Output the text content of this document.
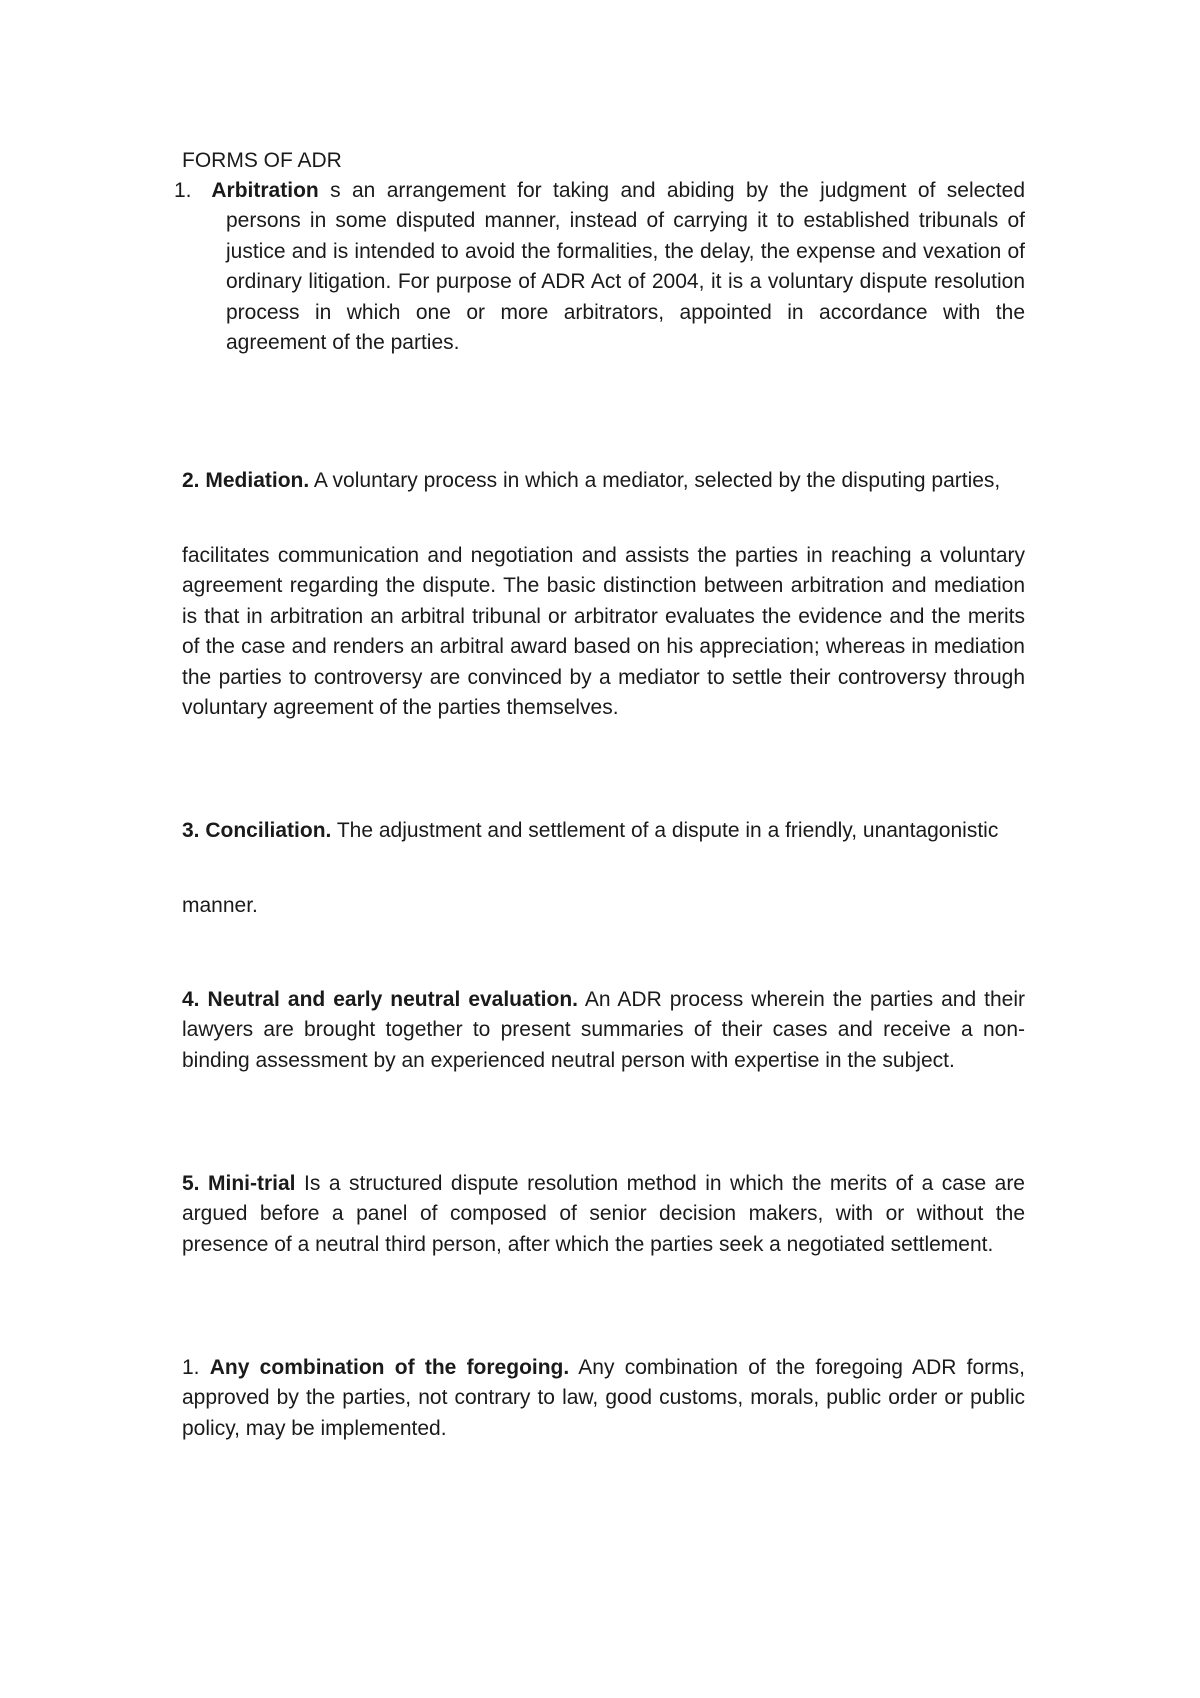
FORMS OF ADR

1. Arbitration s an arrangement for taking and abiding by the judgment of selected persons in some disputed manner, instead of carrying it to established tribunals of justice and is intended to avoid the formalities, the delay, the expense and vexation of ordinary litigation. For purpose of ADR Act of 2004, it is a voluntary dispute resolution process in which one or more arbitrators, appointed in accordance with the agreement of the parties.

2. Mediation. A voluntary process in which a mediator, selected by the disputing parties,

facilitates communication and negotiation and assists the parties in reaching a voluntary agreement regarding the dispute. The basic distinction between arbitration and mediation is that in arbitration an arbitral tribunal or arbitrator evaluates the evidence and the merits of the case and renders an arbitral award based on his appreciation; whereas in mediation the parties to controversy are convinced by a mediator to settle their controversy through voluntary agreement of the parties themselves.

3. Conciliation. The adjustment and settlement of a dispute in a friendly, unantagonistic

manner.

4. Neutral and early neutral evaluation. An ADR process wherein the parties and their lawyers are brought together to present summaries of their cases and receive a non-binding assessment by an experienced neutral person with expertise in the subject.

5. Mini-trial Is a structured dispute resolution method in which the merits of a case are argued before a panel of composed of senior decision makers, with or without the presence of a neutral third person, after which the parties seek a negotiated settlement.

1. Any combination of the foregoing. Any combination of the foregoing ADR forms, approved by the parties, not contrary to law, good customs, morals, public order or public policy, may be implemented.
